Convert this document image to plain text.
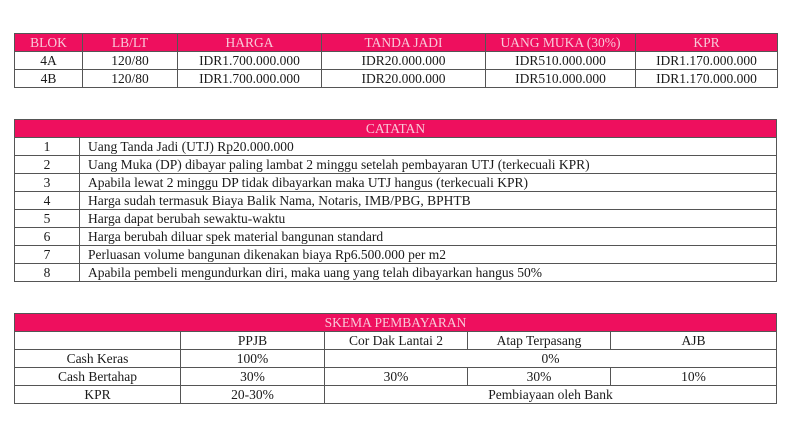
BLOK	LB/LT	HARGA	TANDA JADI	UANG MUKA (30%)	KPR
4A	120/80	IDR1.700.000.000	IDR20.000.000	IDR510.000.000	IDR1.170.000.000
4B	120/80	IDR1.700.000.000	IDR20.000.000	IDR510.000.000	IDR1.170.000.000
CATATAN	
1	Uang Tanda Jadi (UTJ) Rp20.000.000
2	Uang Muka (DP) dibayar paling lambat 2 minggu setelah pembayaran UTJ (terkecuali KPR)
3	Apabila lewat 2 minggu DP tidak dibayarkan maka UTJ hangus (terkecuali KPR)
4	Harga sudah termasuk Biaya Balik Nama, Notaris, IMB/PBG, BPHTB
5	Harga dapat berubah sewaktu-waktu
6	Harga berubah diluar spek material bangunan standard
7	Perluasan volume bangunan dikenakan biaya Rp6.500.000 per m2
8	Apabila pembeli mengundurkan diri, maka uang yang telah dibayarkan hangus 50%
SKEMA PEMBAYARAN				
	PPJB	Cor Dak Lantai 2	Atap Terpasang	AJB
Cash Keras	100%	0%		
Cash Bertahap	30%	30%	30%	10%
KPR	20-30%	Pembiayaan oleh Bank		
